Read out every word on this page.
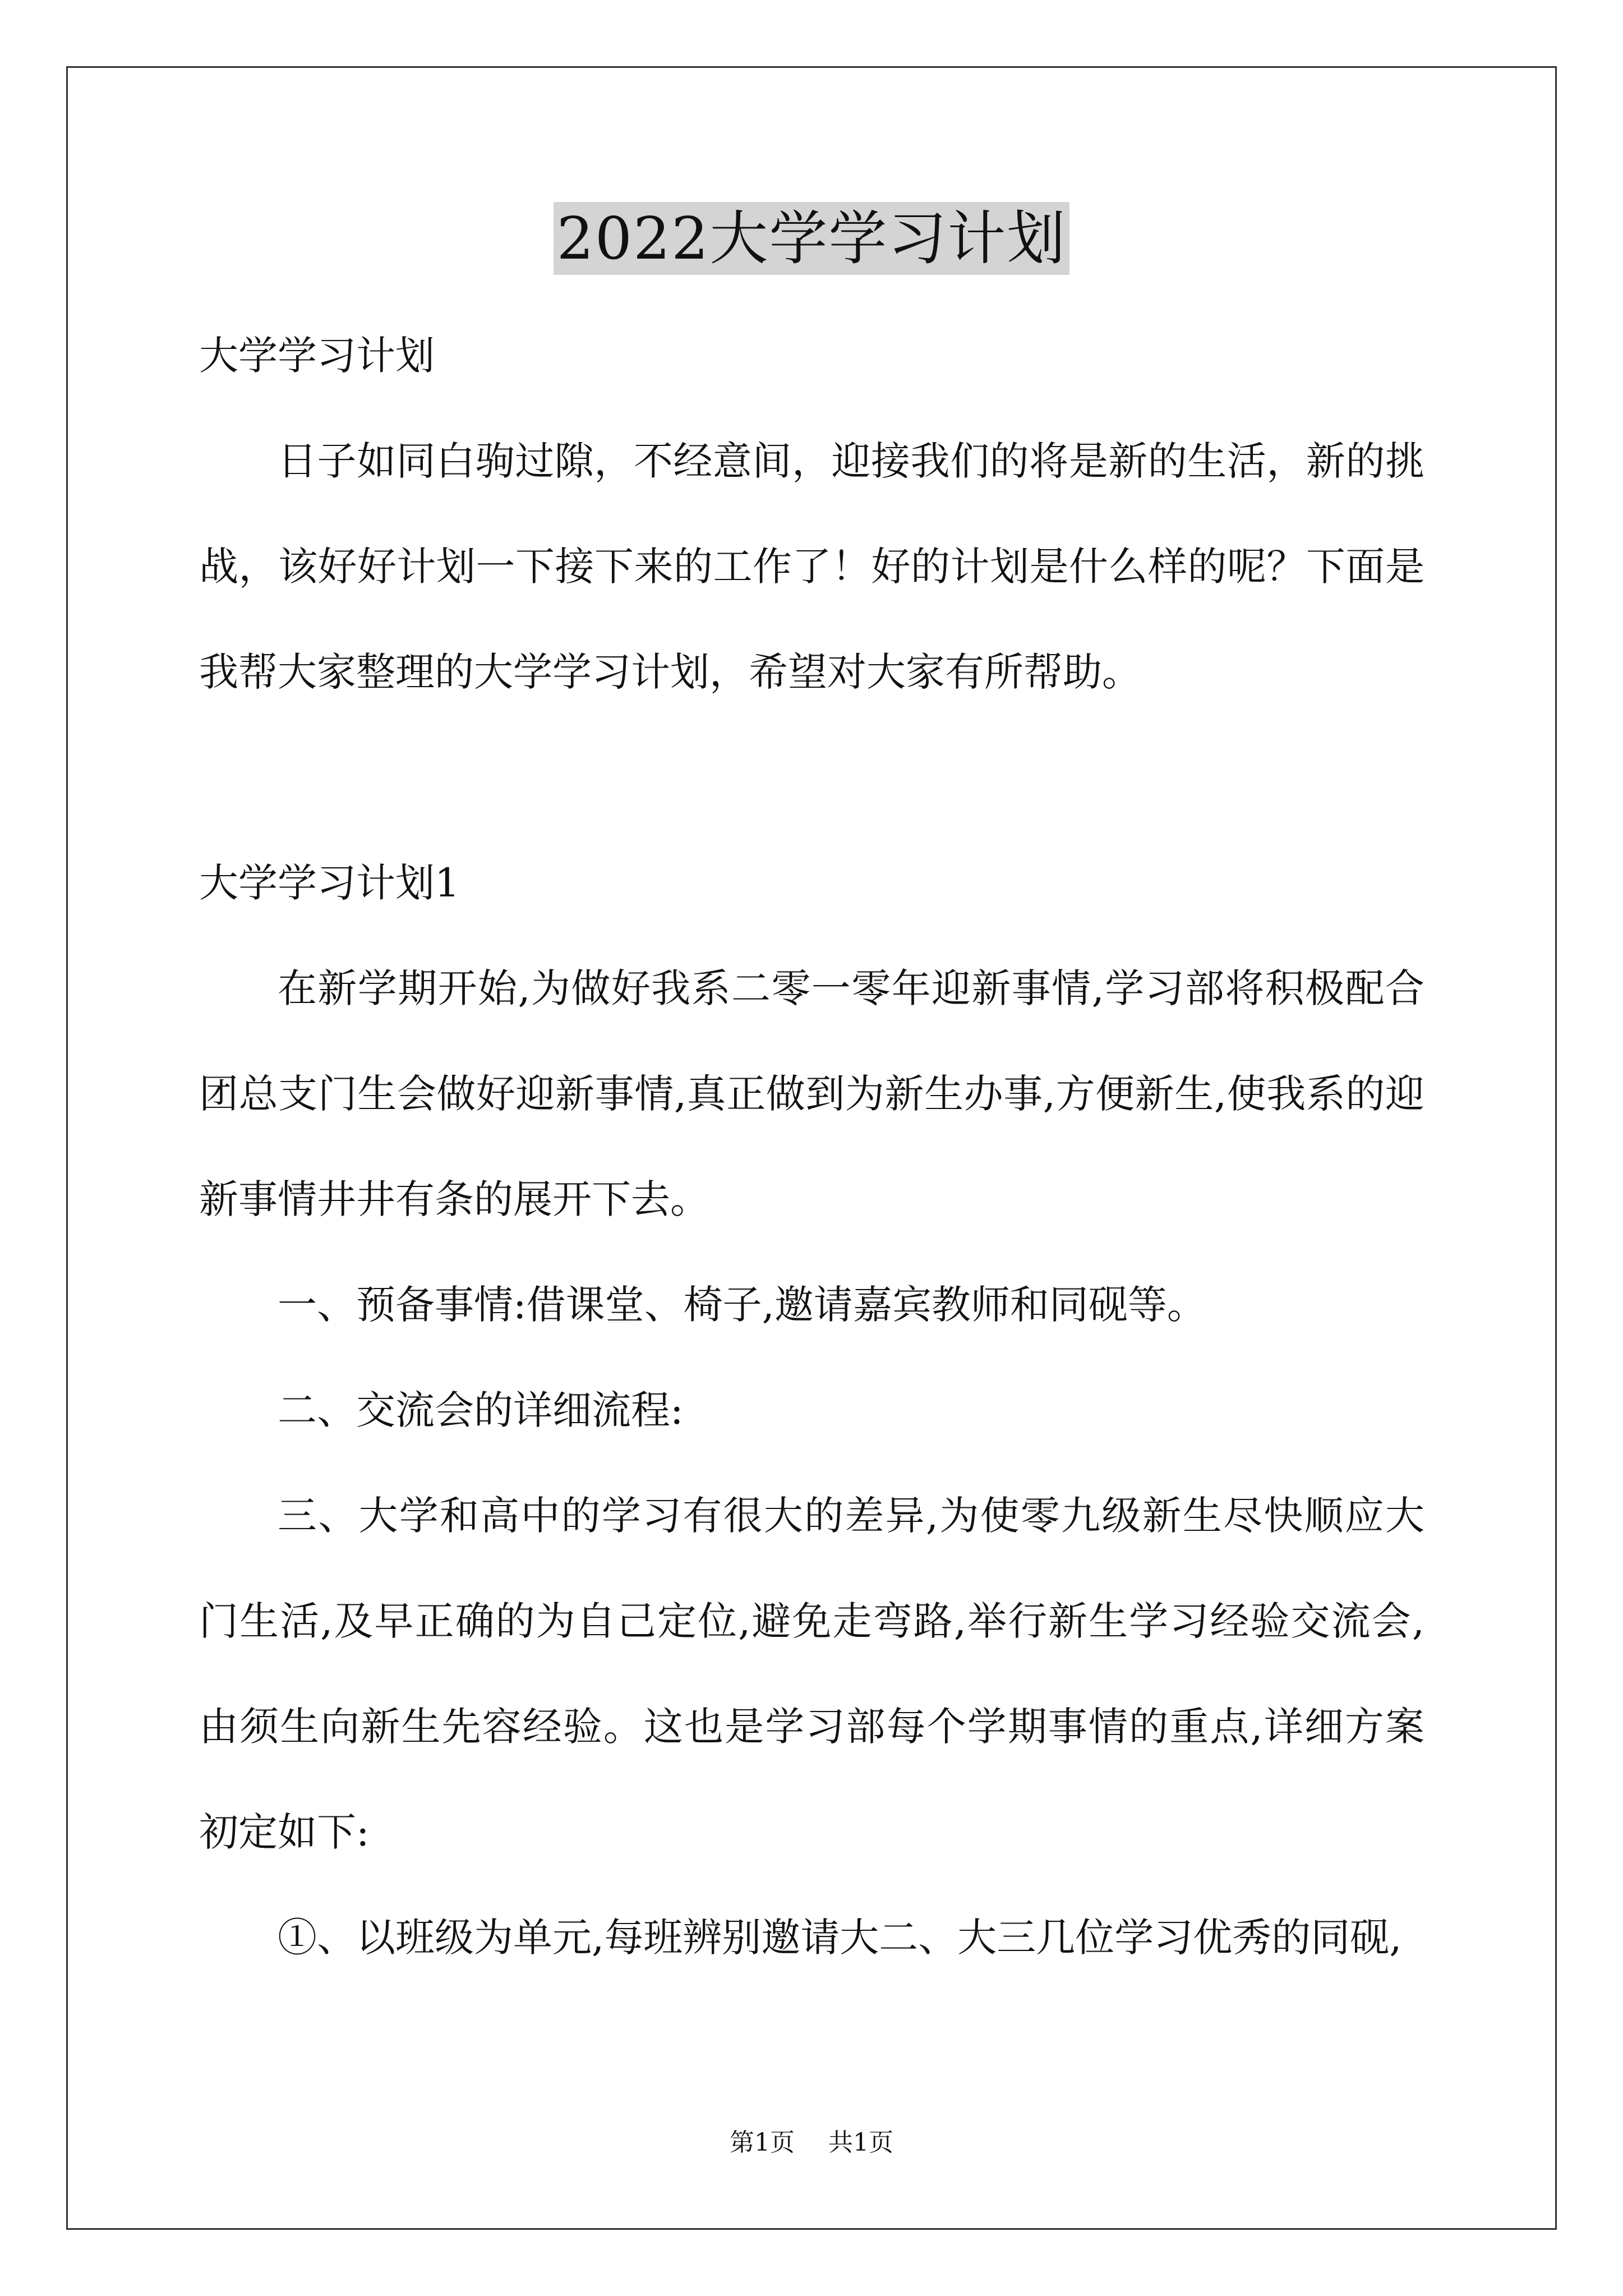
2022大学学习计划

大学学习计划

日子如同白驹过隙，不经意间，迎接我们的将是新的生活，新的挑战，该好好计划一下接下来的工作了！好的计划是什么样的呢？下面是我帮大家整理的大学学习计划，希望对大家有所帮助。

大学学习计划1

在新学期开始,为做好我系二零一零年迎新事情,学习部将积极配合团总支门生会做好迎新事情,真正做到为新生办事,方便新生,使我系的迎新事情井井有条的展开下去。

一、预备事情:借课堂、椅子,邀请嘉宾教师和同砚等。

二、交流会的详细流程:

三、大学和高中的学习有很大的差异,为使零九级新生尽快顺应大门生活,及早正确的为自己定位,避免走弯路,举行新生学习经验交流会,由须生向新生先容经验。这也是学习部每个学期事情的重点,详细方案初定如下:

①、以班级为单元,每班辨别邀请大二、大三几位学习优秀的同砚,

第1页 共1页
